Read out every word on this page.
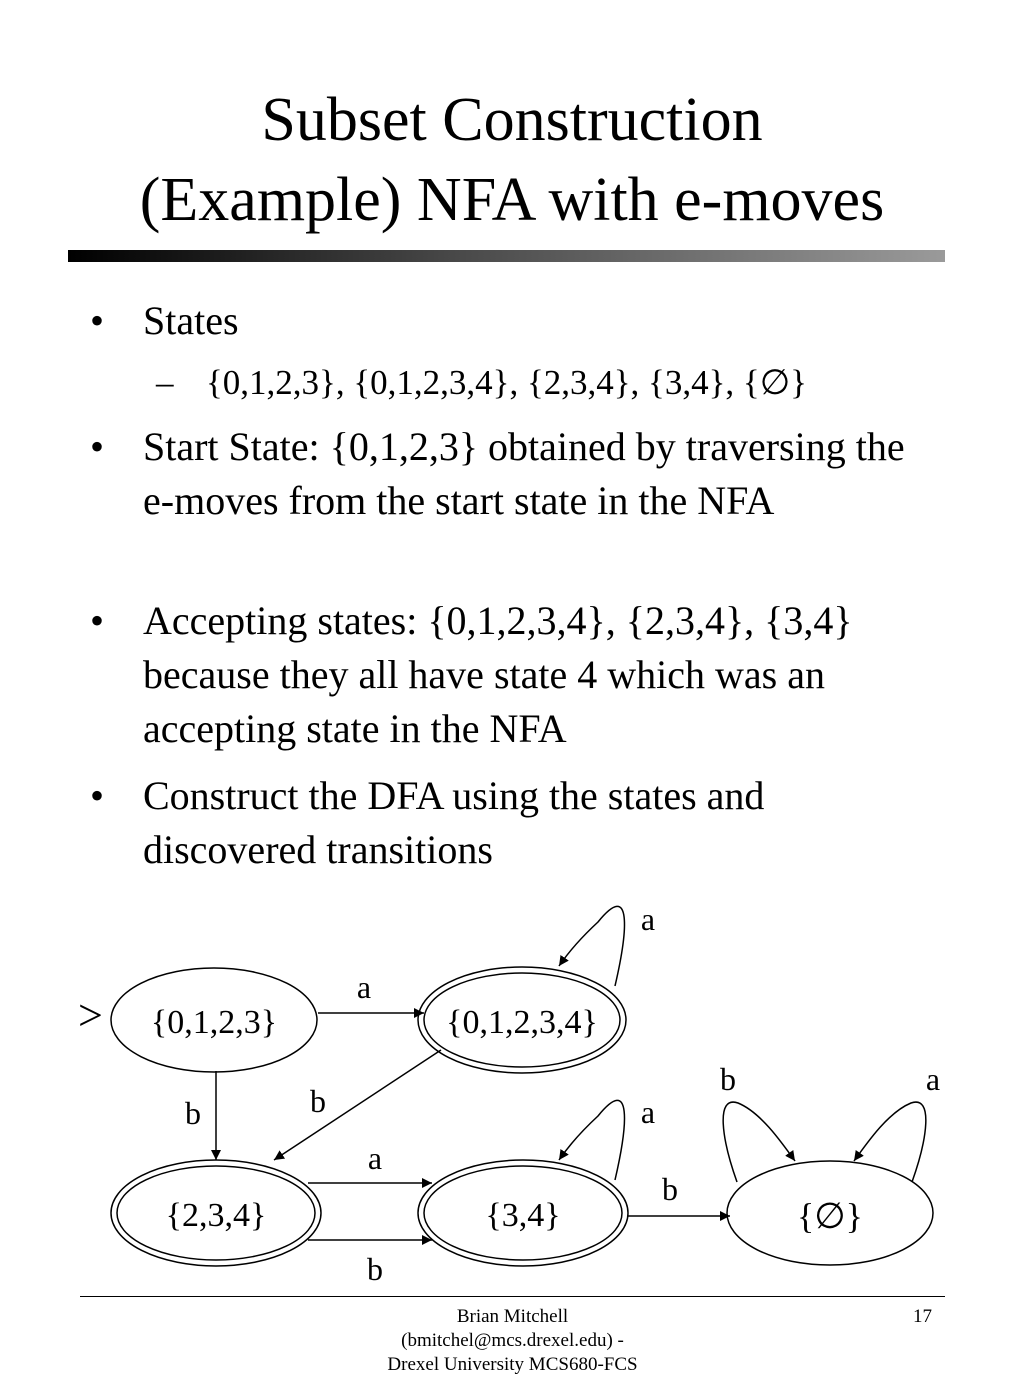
Subset Construction
(Example) NFA with e-moves
• States
– {0,1,2,3}, {0,1,2,3,4}, {2,3,4}, {3,4}, {∅}
• Start State: {0,1,2,3} obtained by traversing the e-moves from the start state in the NFA
• Accepting states: {0,1,2,3,4}, {2,3,4}, {3,4} because they all have state 4 which was an accepting state in the NFA
• Construct the DFA using the states and discovered transitions
> {0,1,2,3}	{0,1,2,3,4}
{2,3,4}	{3,4}	{∅}
a
b
a
b
a
b
a
b
b	a
Brian Mitchell
(bmitchel@mcs.drexel.edu) -
Drexel University MCS680-FCS
17
